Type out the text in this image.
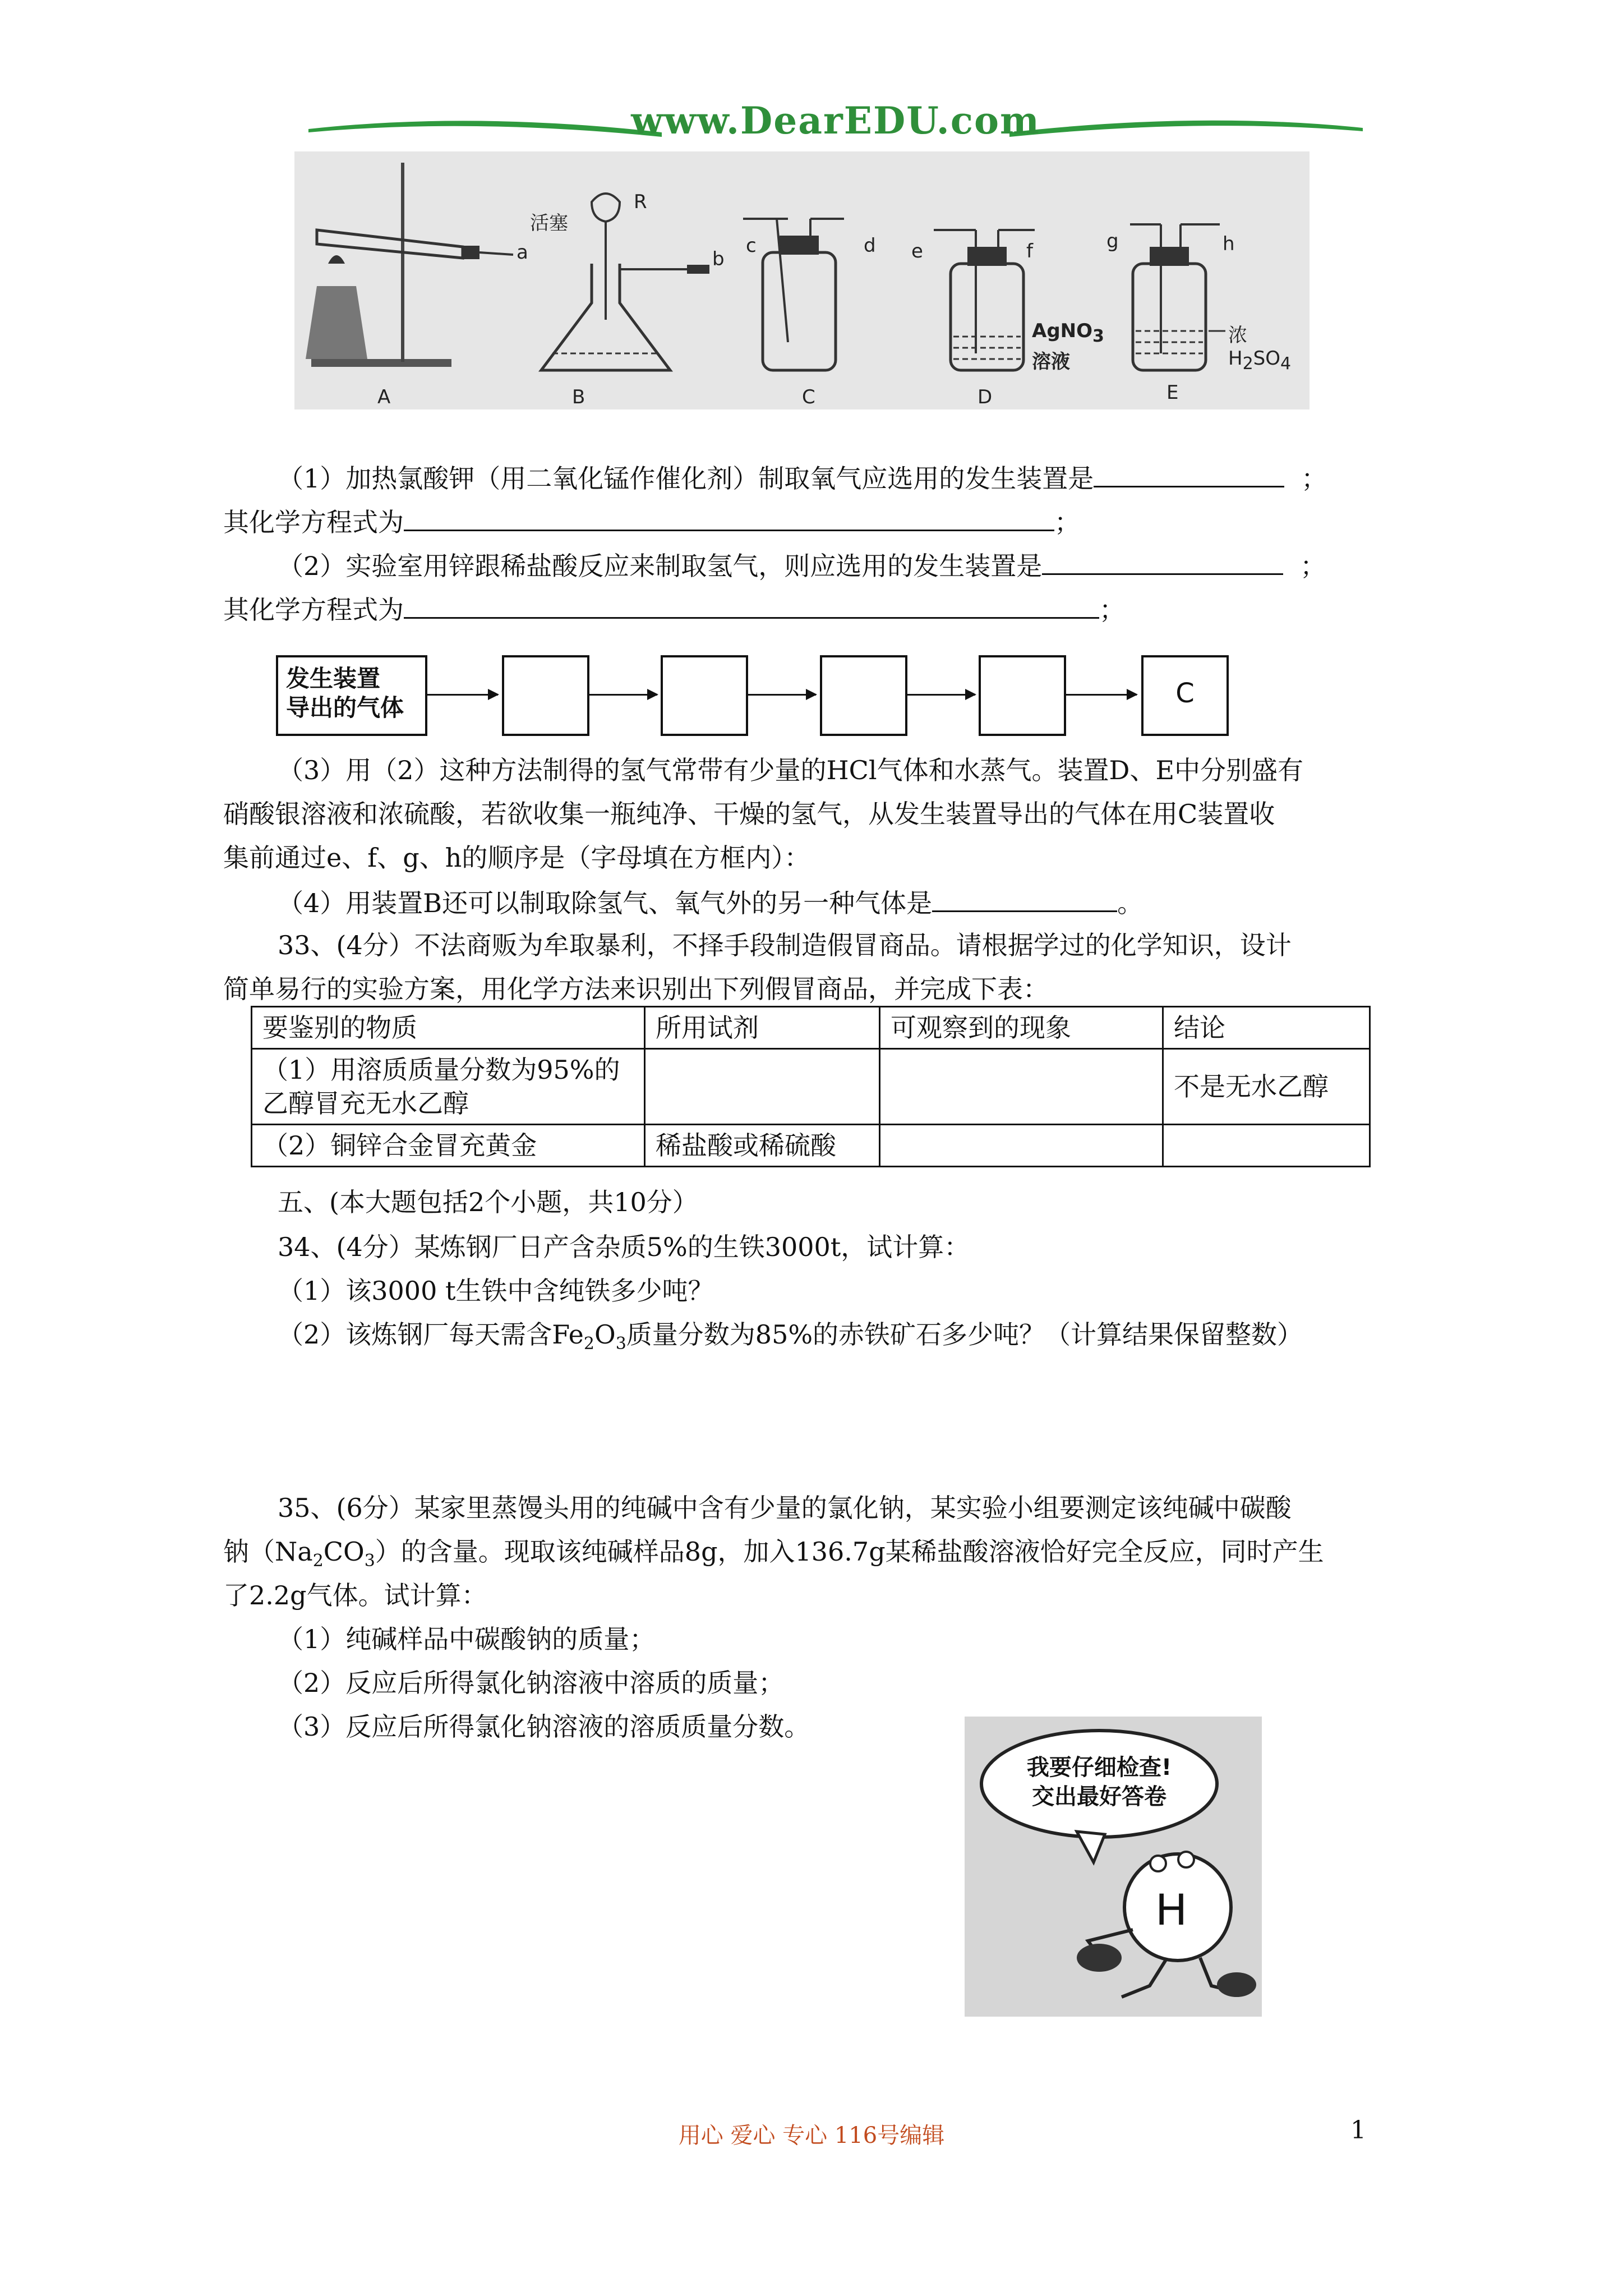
www.DearEDU.com
A	B	C	D	E
活塞
R
a	b
c	d e	f	g	h
AgNO$_3$
溶液
浓$H_2SO_4$
（1）加热氯酸钾（用二氧化锰作催化剂）制取氧气应选用的发生装置是	；
其化学方程式为	；
（2）实验室用锌跟稀盐酸反应来制取氢气，则应选用的发生装置是	；
其化学方程式为	；
发生装置
导出的气体	C
（3）用（2）这种方法制得的氢气常带有少量的HCl气体和水蒸气。装置D、E中分别盛有
硝酸银溶液和浓硫酸，若欲收集一瓶纯净、干燥的氢气，从发生装置导出的气体在用C装置收
集前通过e、f、g、h的顺序是（字母填在方框内）：
（4）用装置B还可以制取除氢气、氧气外的另一种气体是	。
33、(4分）不法商贩为牟取暴利，不择手段制造假冒商品。请根据学过的化学知识，设计
简单易行的实验方案，用化学方法来识别出下列假冒商品，并完成下表：
要鉴别的物质	所用试剂	可观察到的现象	结论

（1）用溶质质量分数为95%的
乙醇冒充无水乙醇			不是无水乙醇
（2）铜锌合金冒充黄金	稀盐酸或稀硫酸		
五、(本大题包括2个小题，共10分）
34、(4分）某炼钢厂日产含杂质5%的生铁3000t，试计算：
（1）该3000 t生铁中含纯铁多少吨？
（2）该炼钢厂每天需含$Fe_2O_3$质量分数为85%的赤铁矿石多少吨？（计算结果保留整数）
35、(6分）某家里蒸馒头用的纯碱中含有少量的氯化钠，某实验小组要测定该纯碱中碳酸
钠$(Na_2CO_3)$的含量。现取该纯碱样品8g，加入136.7g某稀盐酸溶液恰好完全反应，同时产生
了2.2g气体。试计算：
（1）纯碱样品中碳酸钠的质量；
（2）反应后所得氯化钠溶液中溶质的质量；
（3）反应后所得氯化钠溶液的溶质质量分数。
我要仔细检查!
交出最好答卷
H
用心 爱心 专心 116号编辑	1
